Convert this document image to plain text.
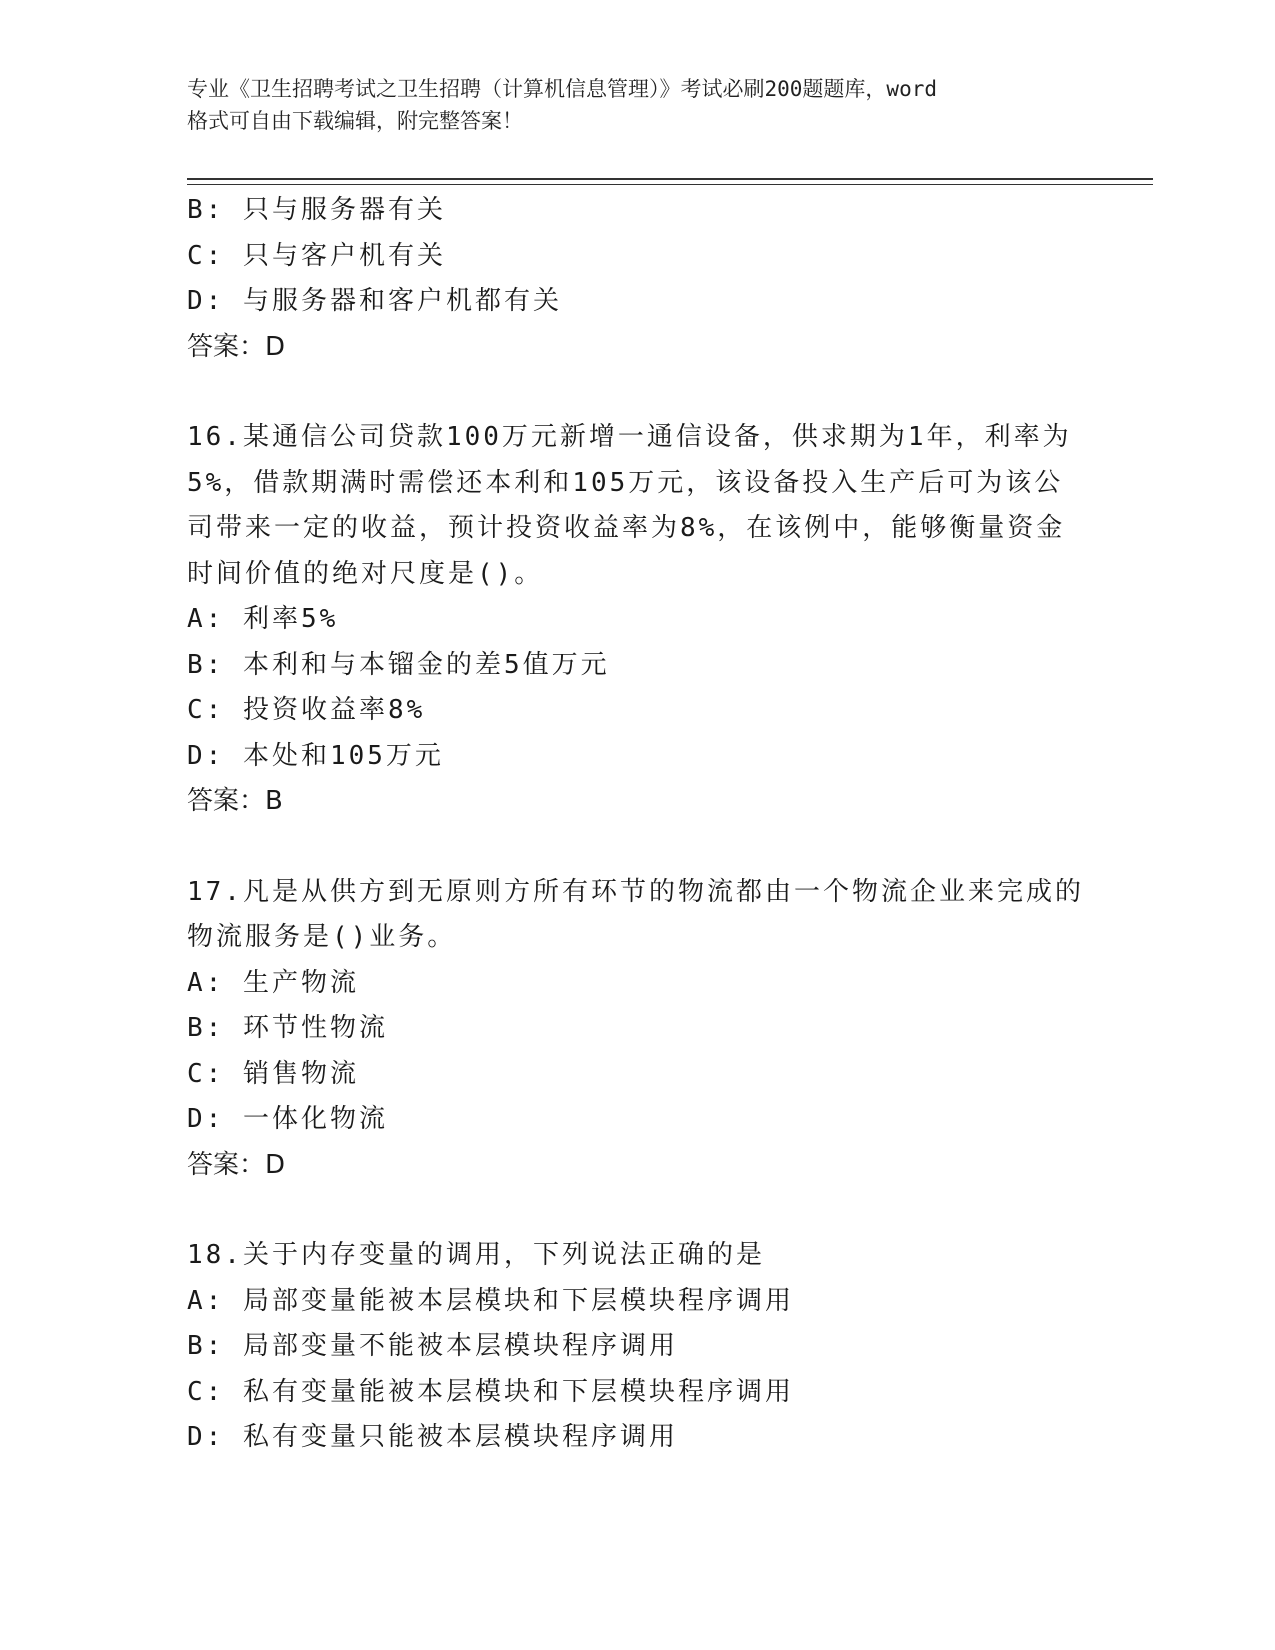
专业《卫生招聘考试之卫生招聘（计算机信息管理）》考试必刷200题题库，word
格式可自由下载编辑，附完整答案！
B: 只与服务器有关
C: 只与客户机有关
D: 与服务器和客户机都有关
答案：D
16.某通信公司贷款100万元新增一通信设备，供求期为1年，利率为
5%，借款期满时需偿还本利和105万元，该设备投入生产后可为该公
司带来一定的收益，预计投资收益率为8%，在该例中，能够衡量资金
时间价值的绝对尺度是()。
A: 利率5%
B: 本利和与本镏金的差5值万元
C: 投资收益率8%
D: 本处和105万元
答案：B
17.凡是从供方到无原则方所有环节的物流都由一个物流企业来完成的
物流服务是()业务。
A: 生产物流
B: 环节性物流
C: 销售物流
D: 一体化物流
答案：D
18.关于内存变量的调用，下列说法正确的是
A: 局部变量能被本层模块和下层模块程序调用
B: 局部变量不能被本层模块程序调用
C: 私有变量能被本层模块和下层模块程序调用
D: 私有变量只能被本层模块程序调用
